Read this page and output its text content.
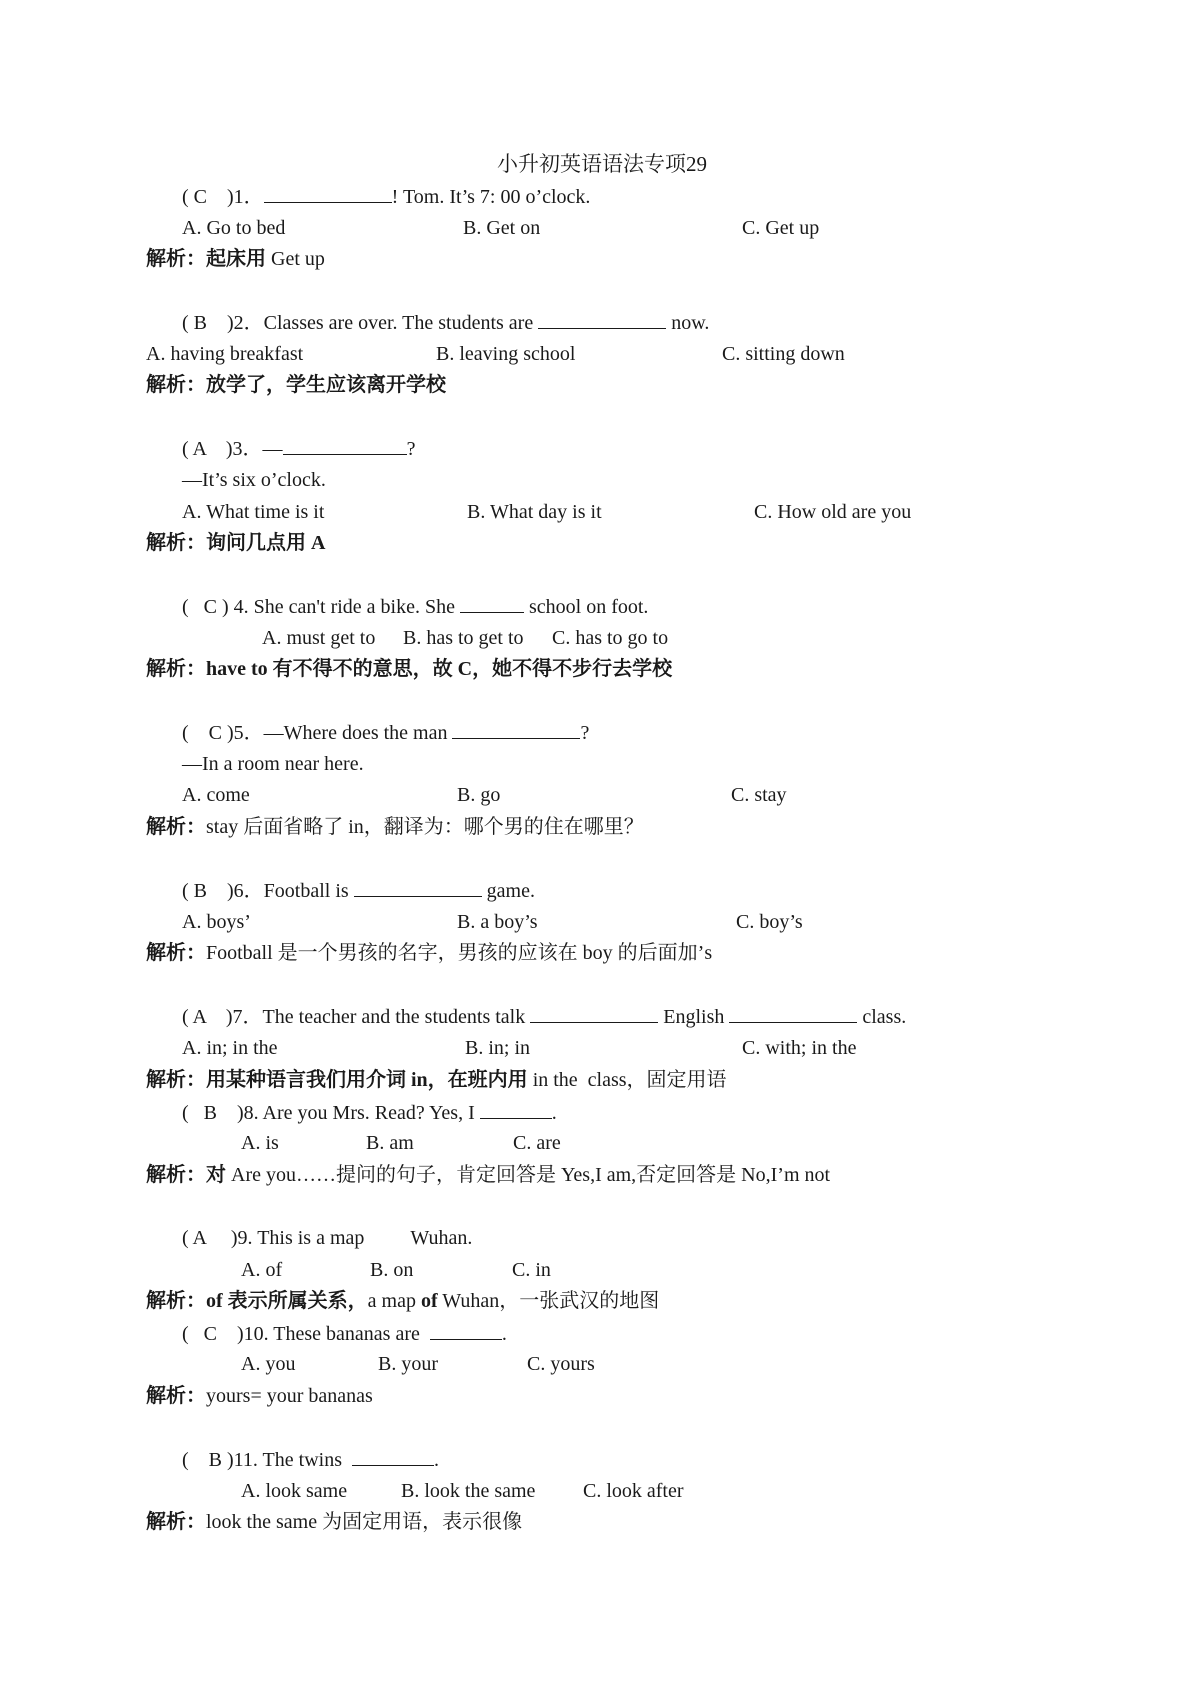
小升初英语语法专项29
( C    )1．	! Tom. It’s 7: 00 o’clock.
A. Go to bed	B. Get on	C. Get up
解析：起床用 Get up
( B    )2．Classes are over. The students are	now.
A. having breakfast	B. leaving school	C. sitting down
解析：放学了，学生应该离开学校
( A    )3．—	?
—It’s six o’clock.
A. What time is it	B. What day is it	C. How old are you
解析：询问几点用 A
(   C ) 4. She can't ride a bike. She	school on foot.
A. must get to B. has to get to C. has to go to
解析：have to 有不得不的意思，故 C，她不得不步行去学校
(    C )5．—Where does the man	?
—In a room near here.
A. come	B. go	C. stay
解析：stay 后面省略了 in，翻译为：哪个男的住在哪里？
( B    )6．Football is	game.
A. boys’	B. a boy’s	C. boy’s
解析：Football 是一个男孩的名字，男孩的应该在 boy 的后面加’s
( A    )7．The teacher and the students talk	English	class.
A. in; in the	B. in; in	C. with; in the
解析：用某种语言我们用介词 in，在班内用 in the  class，固定用语
(   B    )8. Are you Mrs. Read? Yes, I	.
A. is	B. am	C. are
解析：对 Are you……提问的句子，肯定回答是 Yes,I am,否定回答是 No,I’m not
( A     )9. This is a map Wuhan.
A. of	B. on	C. in
解析：of 表示所属关系，a map of Wuhan，一张武汉的地图
(   C    )10. These bananas are	.
A. you	B. your	C. yours
解析：yours= your bananas
(    B )11. The twins	.
A. look same	B. look the same C. look after
解析：look the same 为固定用语，表示很像
